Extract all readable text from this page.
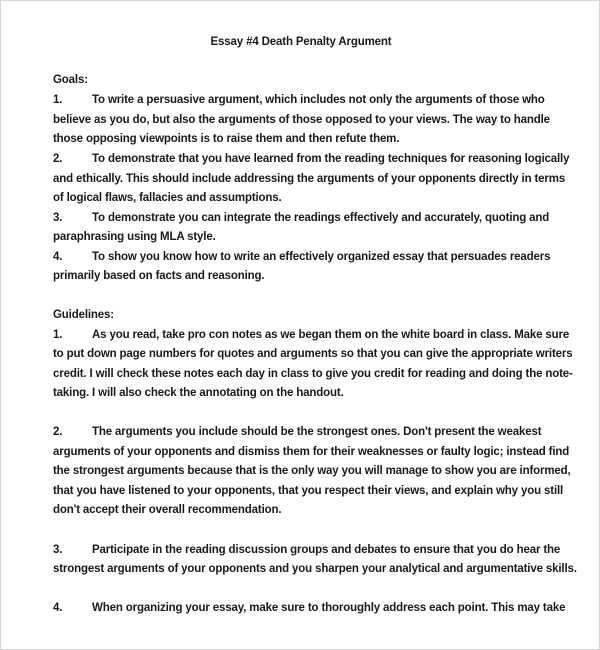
Essay #4 Death Penalty Argument
Goals:
1.	To write a persuasive argument, which includes not only the arguments of those who
believe as you do, but also the arguments of those opposed to your views. The way to handle
those opposing viewpoints is to raise them and then refute them.
2.	To demonstrate that you have learned from the reading techniques for reasoning logically
and ethically. This should include addressing the arguments of your opponents directly in terms
of logical flaws, fallacies and assumptions.
3.	To demonstrate you can integrate the readings effectively and accurately, quoting and
paraphrasing using MLA style.
4.	To show you know how to write an effectively organized essay that persuades readers
primarily based on facts and reasoning.
Guidelines:
1.	As you read, take pro con notes as we began them on the white board in class. Make sure
to put down page numbers for quotes and arguments so that you can give the appropriate writers
credit. I will check these notes each day in class to give you credit for reading and doing the note-
taking. I will also check the annotating on the handout.
2.	The arguments you include should be the strongest ones. Don't present the weakest
arguments of your opponents and dismiss them for their weaknesses or faulty logic; instead find
the strongest arguments because that is the only way you will manage to show you are informed,
that you have listened to your opponents, that you respect their views, and explain why you still
don't accept their overall recommendation.
3.	Participate in the reading discussion groups and debates to ensure that you do hear the
strongest arguments of your opponents and you sharpen your analytical and argumentative skills.
4.	When organizing your essay, make sure to thoroughly address each point. This may take
